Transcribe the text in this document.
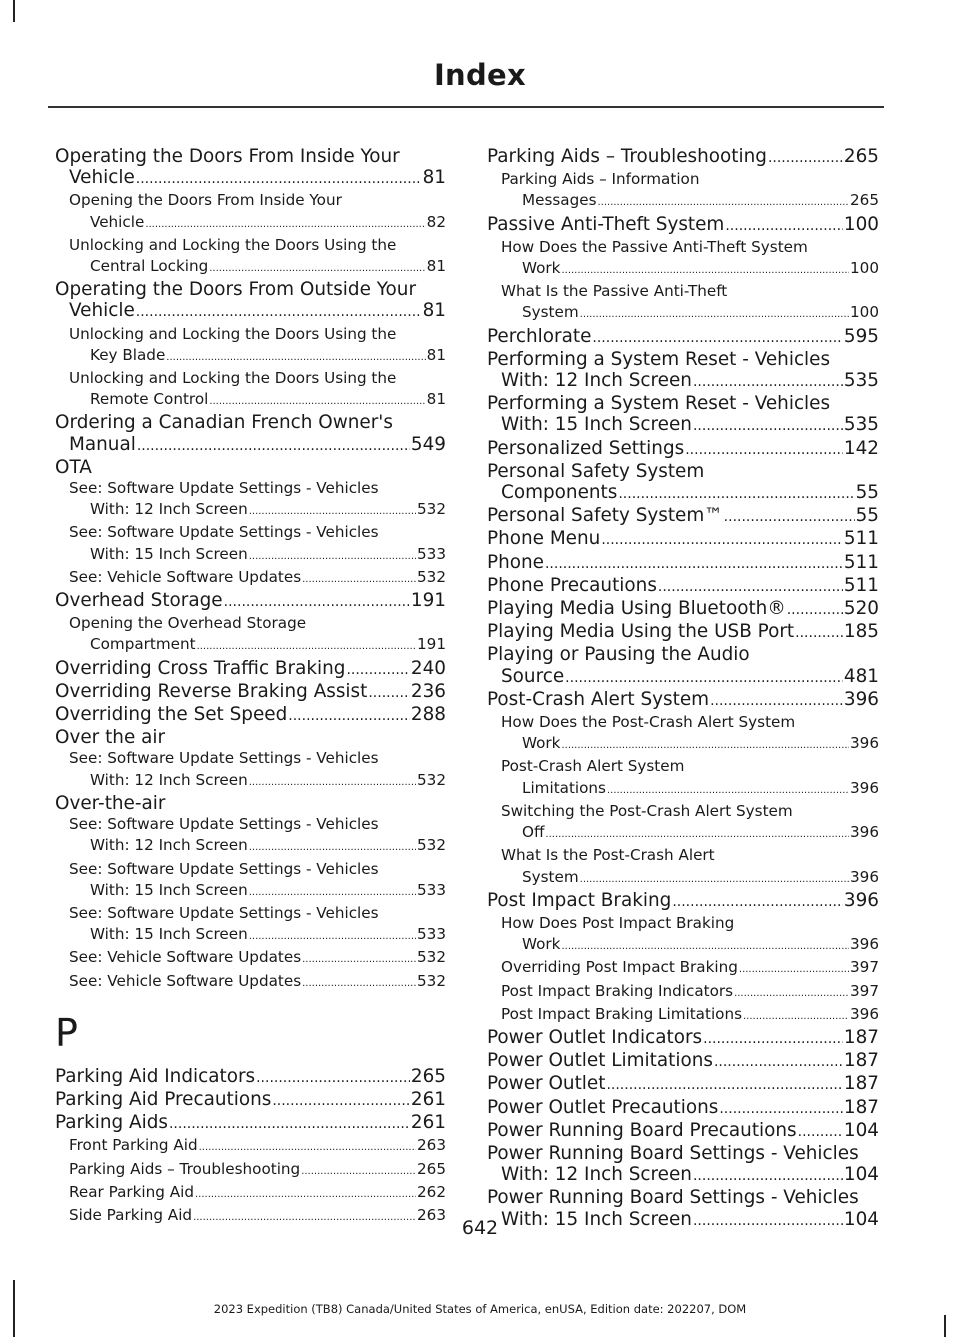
Index
Operating the Doors From Inside Your
Vehicle .....	81
Opening the Doors From Inside Your
Vehicle .....	82
Unlocking and Locking the Doors Using the
Central Locking .....	81
Operating the Doors From Outside Your
Vehicle .....	81
Unlocking and Locking the Doors Using the
Key Blade .....	81
Unlocking and Locking the Doors Using the
Remote Control .....	81
Ordering a Canadian French Owner's
Manual .....	549
OTA
See: Software Update Settings - Vehicles
With: 12 Inch Screen .....	532
See: Software Update Settings - Vehicles
With: 15 Inch Screen .....	533
See: Vehicle Software Updates .....	532
Overhead Storage .....	191
Opening the Overhead Storage
Compartment .....	191
Overriding Cross Traffic Braking .....	240
Overriding Reverse Braking Assist ..... 236
Overriding the Set Speed .....	288
Over the air
See: Software Update Settings - Vehicles
With: 12 Inch Screen .....	532
Over-the-air
See: Software Update Settings - Vehicles
With: 12 Inch Screen .....	532
See: Software Update Settings - Vehicles
With: 15 Inch Screen .....	533
See: Software Update Settings - Vehicles
With: 15 Inch Screen .....	533
See: Vehicle Software Updates .....	532
See: Vehicle Software Updates .....	532
P
Parking Aid Indicators .....	265
Parking Aid Precautions .....	261
Parking Aids .....	261
Front Parking Aid .....	263
Parking Aids – Troubleshooting .....	265
Rear Parking Aid .....	262
Side Parking Aid .....	263
Parking Aids – Troubleshooting .....	265
Parking Aids – Information
Messages .....	265
Passive Anti-Theft System .....	100
How Does the Passive Anti-Theft System
Work .....	100
What Is the Passive Anti-Theft
System .....	100
Perchlorate .....	595
Performing a System Reset - Vehicles
With: 12 Inch Screen .....	535
Performing a System Reset - Vehicles
With: 15 Inch Screen .....	535
Personalized Settings .....	142
Personal Safety System
Components .....	55
Personal Safety System™ .....	55
Phone Menu .....	511
Phone .....	511
Phone Precautions .....	511
Playing Media Using Bluetooth® .....	520
Playing Media Using the USB Port .....	185
Playing or Pausing the Audio
Source .....	481
Post-Crash Alert System .....	396
How Does the Post-Crash Alert System
Work .....	396
Post-Crash Alert System
Limitations .....	396
Switching the Post-Crash Alert System
Off .....	396
What Is the Post-Crash Alert
System .....	396
Post Impact Braking .....	396
How Does Post Impact Braking
Work .....	396
Overriding Post Impact Braking .....	397
Post Impact Braking Indicators .....	397
Post Impact Braking Limitations .....	396
Power Outlet Indicators .....	187
Power Outlet Limitations .....	187
Power Outlet .....	187
Power Outlet Precautions .....	187
Power Running Board Precautions .....	104
Power Running Board Settings - Vehicles
With: 12 Inch Screen .....	104
Power Running Board Settings - Vehicles
With: 15 Inch Screen .....	104
642
2023 Expedition (TB8) Canada/United States of America, enUSA, Edition date: 202207, DOM
